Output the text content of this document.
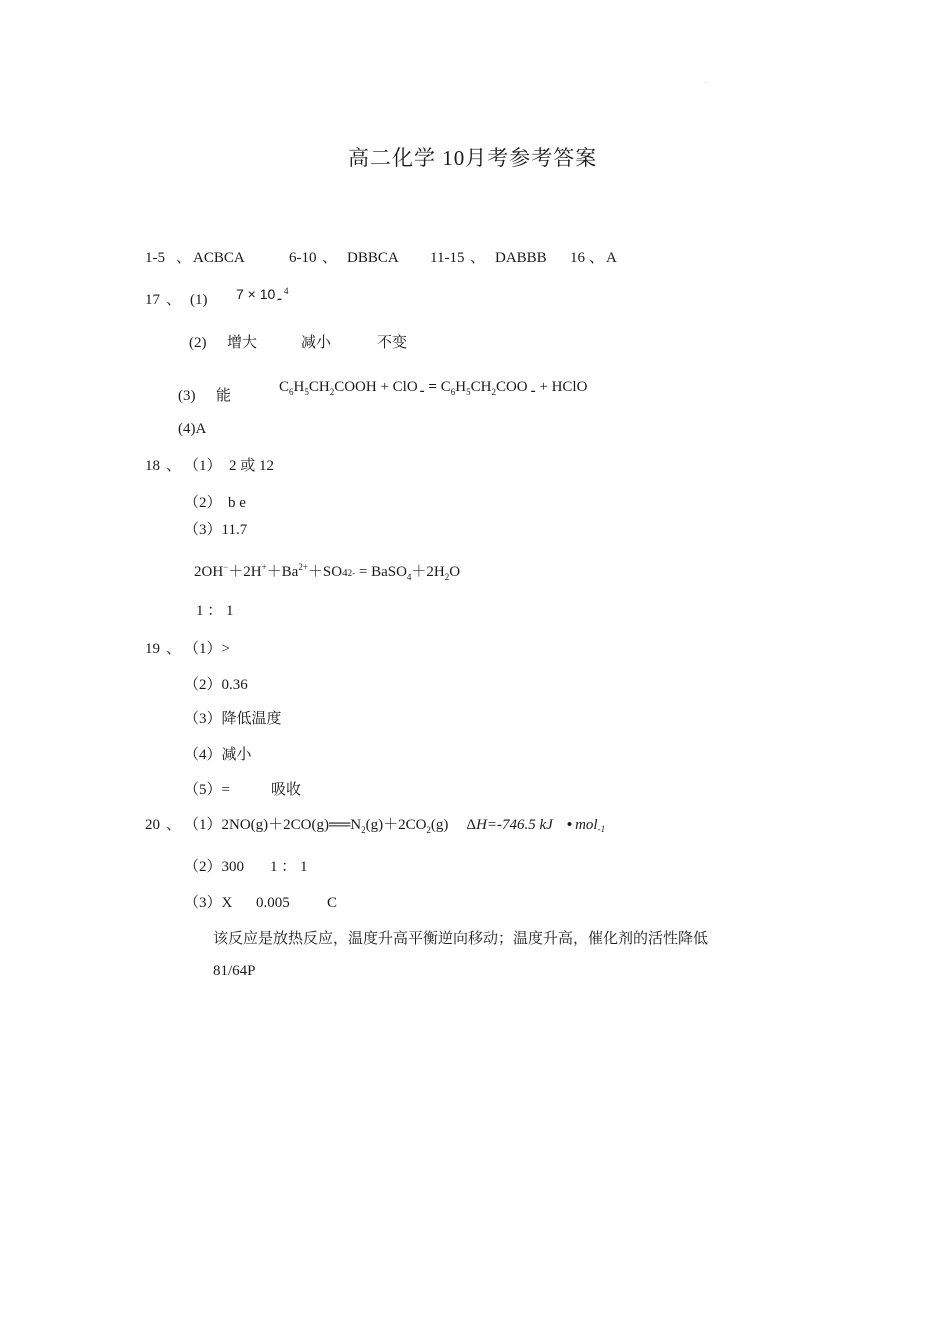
高二化学 10月考参考答案
1-5 、 ACBCA	6-10 、 DBBCA 11-15 、 DABBB 16 、 A
17 、 (1) 7 × 10 - 4
(2) 增大	减小	不变
(3) 能
$C_6H_5CH_2COOH$ + ClO - = $C_6H_5CH_2COO$ - + HClO
(4)A
18 、 （1） 2 或 12
（2） b e
（3）11.7
$2OH^-+2H^++Ba^{2+}+SO42-$ = $BaSO_4+2H_2O$
1 ： 1
19 、 （1）>
（2）0.36
（3）降低温度
（4）减小
（5）=	吸收
20 、 $(1)2NO(g)+2CO(g)══N_2(g)+2CO_2(g)$ ΔH=-746.5 kJ • mol$_{-1}$
（2）300 1 ： 1
（3）X 0.005 C
该反应是放热反应，温度升高平衡逆向移动；温度升高，催化剂的活性降低
81/64P
